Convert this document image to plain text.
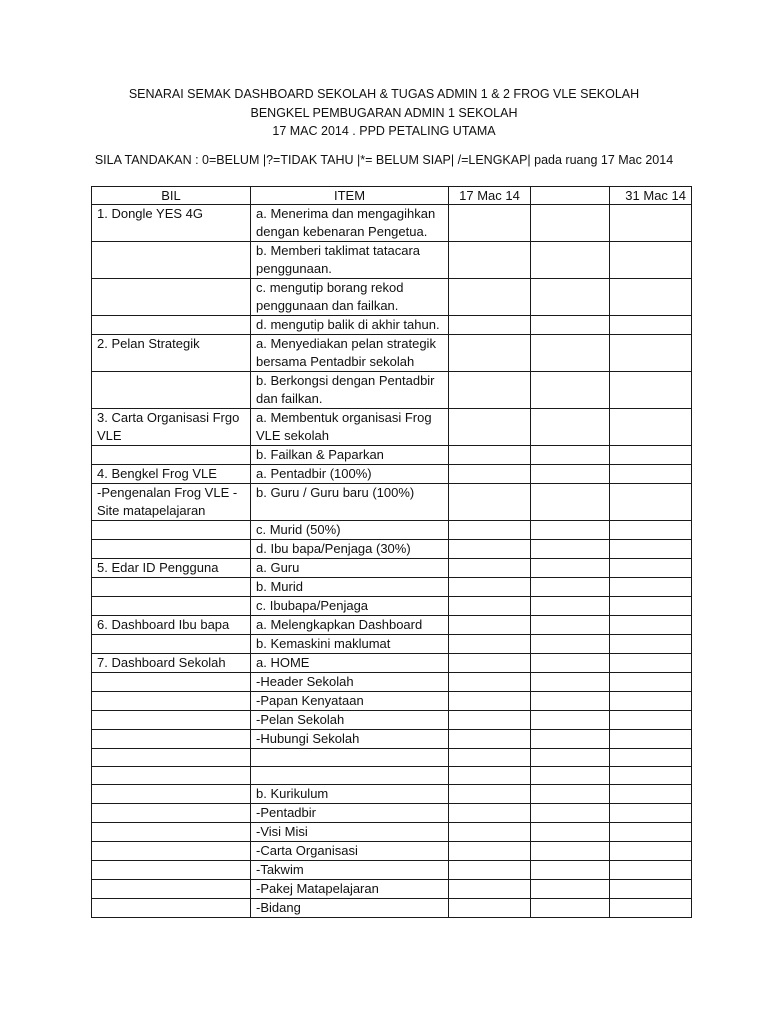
SENARAI SEMAK DASHBOARD SEKOLAH & TUGAS ADMIN 1 & 2 FROG VLE SEKOLAH
BENGKEL PEMBUGARAN ADMIN 1 SEKOLAH
17 MAC 2014 . PPD PETALING UTAMA
SILA TANDAKAN : 0=BELUM |?=TIDAK TAHU |*= BELUM SIAP| /=LENGKAP| pada ruang 17 Mac 2014
BIL	ITEM	17 Mac 14		31 Mac 14
1. Dongle YES 4G	a. Menerima dan mengagihkan dengan kebenaran Pengetua.			
	b. Memberi taklimat tatacara penggunaan.			
	c. mengutip borang rekod penggunaan dan failkan.			
	d. mengutip balik di akhir tahun.			
2. Pelan Strategik	a. Menyediakan pelan strategik bersama Pentadbir sekolah			
	b. Berkongsi dengan Pentadbir dan failkan.			
3. Carta Organisasi Frgo VLE	a. Membentuk organisasi Frog VLE sekolah			
	b. Failkan & Paparkan			
4. Bengkel Frog VLE	a. Pentadbir (100%)			
-Pengenalan Frog VLE - Site matapelajaran	b. Guru / Guru baru (100%)			
	c. Murid (50%)			
	d. Ibu bapa/Penjaga (30%)			
5. Edar ID Pengguna	a. Guru			
	b. Murid			
	c. Ibubapa/Penjaga			
6. Dashboard Ibu bapa	a. Melengkapkan Dashboard			
	b. Kemaskini maklumat			
7. Dashboard Sekolah	a. HOME			
	-Header Sekolah			
	-Papan Kenyataan			
	-Pelan Sekolah			
	-Hubungi Sekolah			

	b. Kurikulum			
	-Pentadbir			
	-Visi Misi			
	-Carta Organisasi			
	-Takwim			
	-Pakej Matapelajaran			
	-Bidang			
